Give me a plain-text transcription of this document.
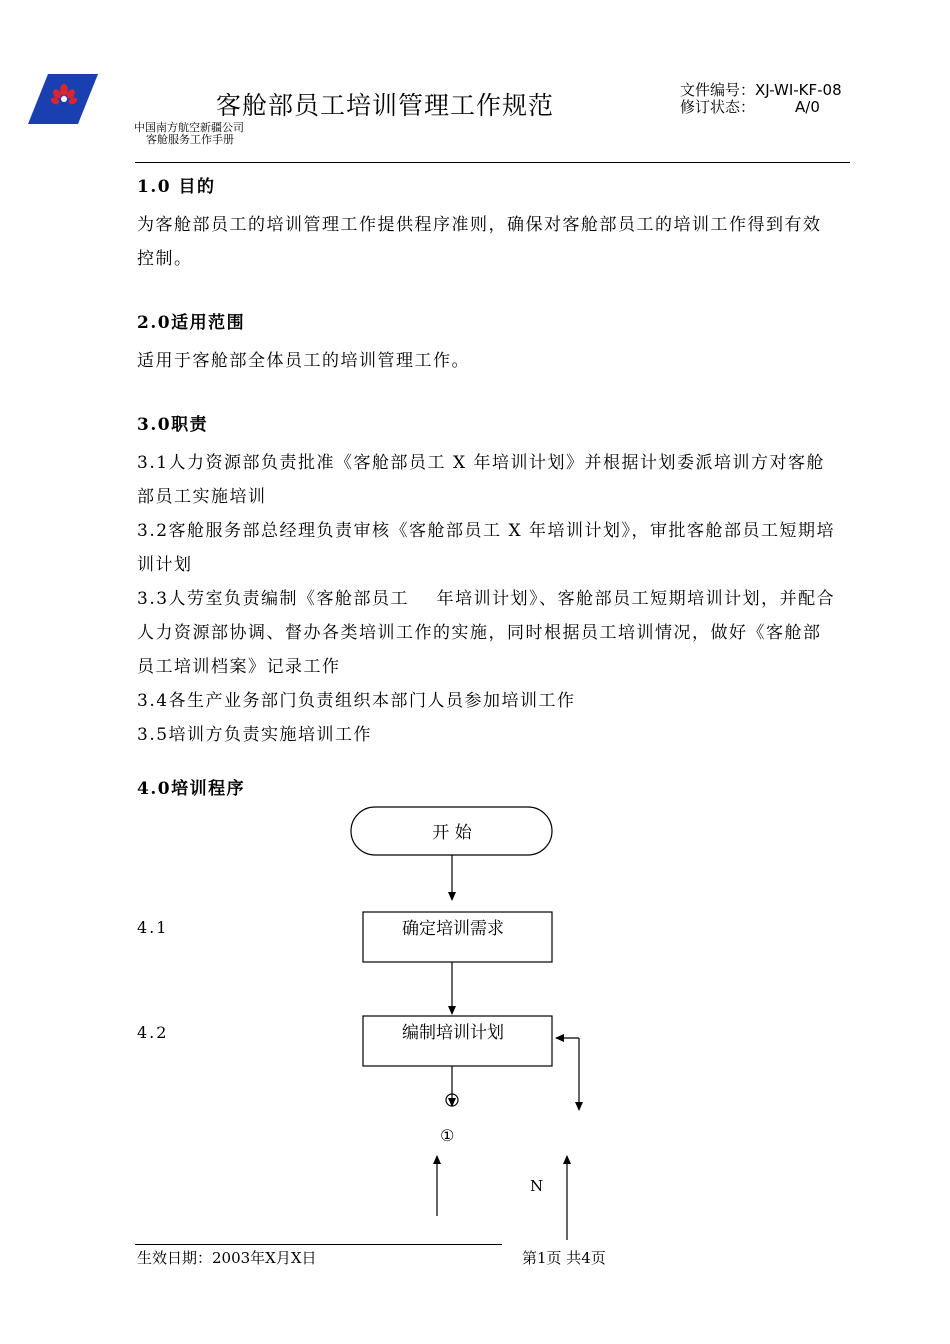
客舱部员工培训管理工作规范
中国南方航空新疆公司
客舱服务工作手册
文件编号：XJ-WI-KF-08
修订状态：	A/0
1.0 目的
为客舱部员工的培训管理工作提供程序准则，确保对客舱部员工的培训工作得到有效
控制。
2.0适用范围
适用于客舱部全体员工的培训管理工作。
3.0职责
3.1人力资源部负责批准《客舱部员工 X 年培训计划》并根据计划委派培训方对客舱
部员工实施培训
3.2客舱服务部总经理负责审核《客舱部员工 X 年培训计划》，审批客舱部员工短期培
训计划
3.3人劳室负责编制《客舱部员工    年培训计划》、客舱部员工短期培训计划，并配合
人力资源部协调、督办各类培训工作的实施，同时根据员工培训情况，做好《客舱部
员工培训档案》记录工作
3.4各生产业务部门负责组织本部门人员参加培训工作
3.5培训方负责实施培训工作
4.0培训程序
开 始
4.1	确定培训需求
4.2	编制培训计划
①
N
生效日期：2003年X月X日	第1页 共4页
